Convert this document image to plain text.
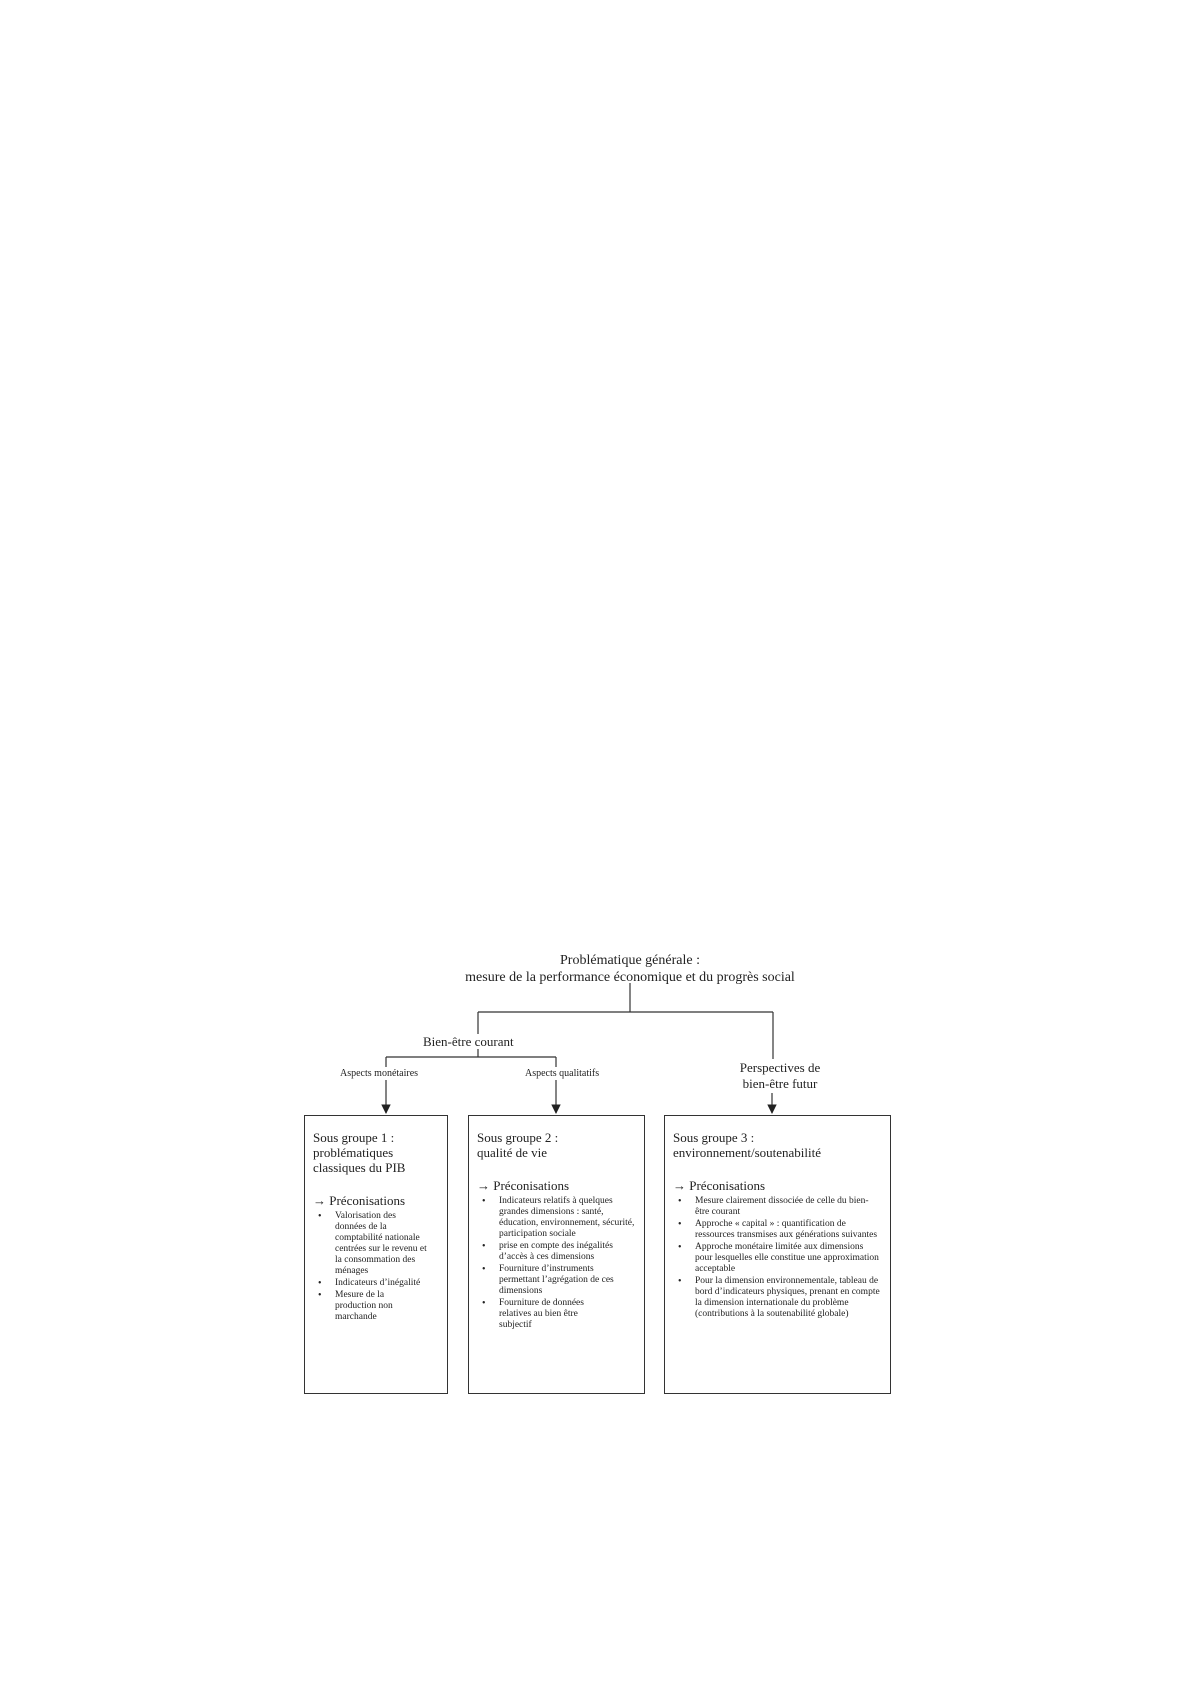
Problématique générale :
mesure de la performance économique et du progrès social
Bien-être courant
Aspects monétaires	Aspects qualitatifs	Perspectives de
bien-être futur
Sous groupe 1 :
problématiques
classiques du PIB
→ Préconisations
• Valorisation des données de la comptabilité nationale centrées sur le revenu et la consommation des ménages
• Indicateurs d’inégalité
• Mesure de la production non marchande
Sous groupe 2 :
qualité de vie
→ Préconisations
• Indicateurs relatifs à quelques grandes dimensions : santé, éducation, environnement, sécurité, participation sociale
• prise en compte des inégalités d’accès à ces dimensions
• Fourniture d’instruments permettant l’agrégation de ces dimensions
• Fourniture de données relatives au bien être subjectif
Sous groupe 3 :
environnement/soutenabilité
→ Préconisations
• Mesure clairement dissociée de celle du bien-être courant
• Approche « capital » : quantification de ressources transmises aux générations suivantes
• Approche monétaire limitée aux dimensions pour lesquelles elle constitue une approximation acceptable
• Pour la dimension environnementale, tableau de bord d’indicateurs physiques, prenant en compte la dimension internationale du problème (contributions à la soutenabilité globale)
